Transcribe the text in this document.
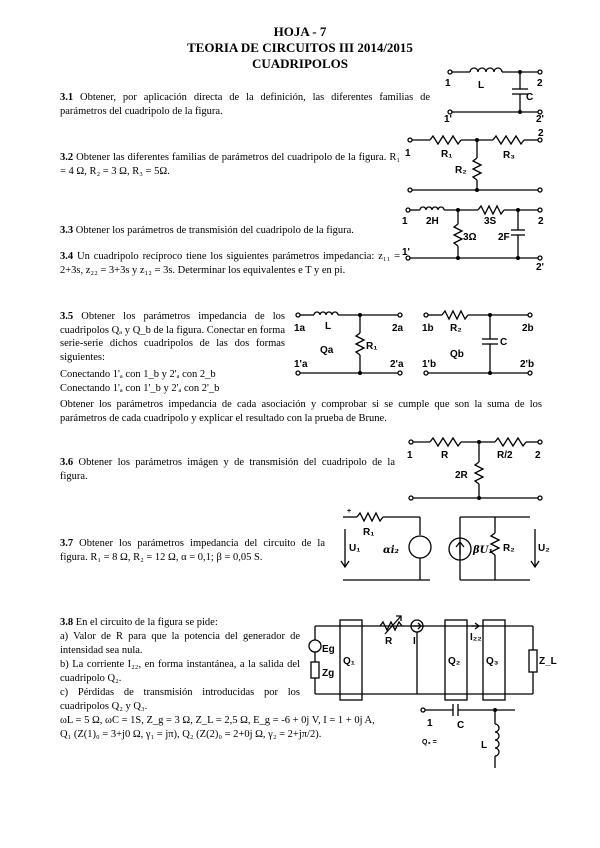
HOJA - 7
TEORIA DE CIRCUITOS III 2014/2015
CUADRIPOLOS
3.1 Obtener, por aplicación directa de la definición, las diferentes familias de parámetros del cuadripolo de la figura.
1	2
1'	2'
L
C
3.2 Obtener las diferentes familias de parámetros del cuadripolo de la figura. R₁ = 4 Ω, R₂ = 3 Ω, R₃ = 5Ω.
1
2
R₁	R₃
R₂
3.3 Obtener los parámetros de transmisión del cuadripolo de la figura.
1	2
1'
2'
2H	3S
3Ω 2F
3.4 Un cuadripolo recíproco tiene los siguientes parámetros impedancia: z₁₁ = 2+3s, z₂₂ = 3+3s y z₁₂ = 3s. Determinar los equivalentes e T y en pi.
3.5 Obtener los parámetros impedancia de los cuadripolos Qₐ y Q_b de la figura. Conectar en forma serie-serie dichos cuadripolos de las dos formas siguientes:
Conectando 1'ₐ con 1_b y 2'ₐ con 2_b
Conectando 1'ₐ con 1'_b y 2'ₐ con 2'_b
Obtener los parámetros impedancia de cada asociación y comprobar si se cumple que son la suma de los parámetros de cada cuadripolo y explicar el resultado con la prueba de Brune.
1a	2a
1'a	2'a
L
R₁
Qa
1b	2b
1'b	2'b
R₂
C
Qb
3.6 Obtener los parámetros imágen y de transmisión del cuadripolo de la figura.
1	2
R	R/2
2R
3.7 Obtener los parámetros impedancia del circuito de la figura. R₁ = 8 Ω, R₂ = 12 Ω, α = 0,1; β = 0,05 S.
+
R₁
R₂
U₁	U₂
αi₂	βU₁
3.8 En el circuito de la figura se pide:
a) Valor de R para que la potencia del generador de intensidad sea nula.
b) La corriente I₂₂, en forma instantánea, a la salida del cuadripolo Q₂.
c) Pérdidas de transmisión introducidas por los cuadripolos Q₂ y Q₃.
ωL = 5 Ω, ωC = 1S, Z_g = 3 Ω, Z_L = 2,5 Ω, E_g = -6 + 0j V, I = 1 + 0j A,
Q₁ (Z(1)₀ = 3+j0 Ω, γ₁ = jπ), Q₂ (Z(2)₀ = 2+0j Ω, γ₂ = 2+jπ/2).
Eg
Zg
Q₁
R I	I₂₂
Q₂	Q₃	Z_L
1 C
L
Q₃ =
